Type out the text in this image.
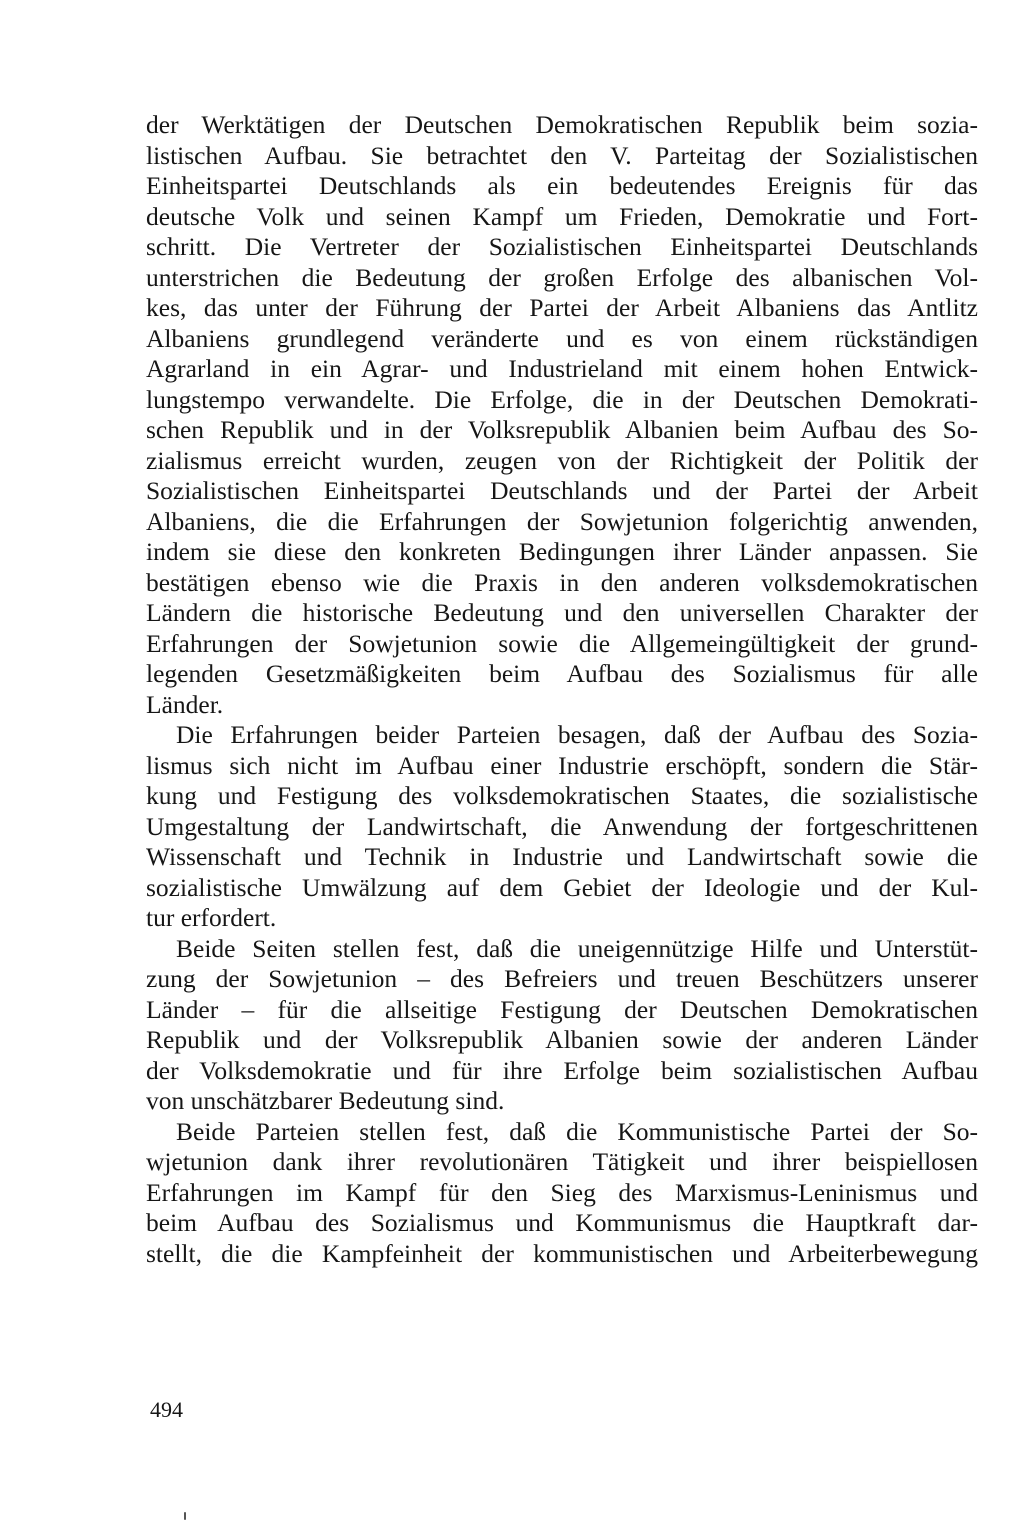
der Werktätigen der Deutschen Demokratischen Republik beim sozia-
listischen Aufbau. Sie betrachtet den V. Parteitag der Sozialistischen
Einheitspartei Deutschlands als ein bedeutendes Ereignis für das
deutsche Volk und seinen Kampf um Frieden, Demokratie und Fort-
schritt. Die Vertreter der Sozialistischen Einheitspartei Deutschlands
unterstrichen die Bedeutung der großen Erfolge des albanischen Vol-
kes, das unter der Führung der Partei der Arbeit Albaniens das Antlitz
Albaniens grundlegend veränderte und es von einem rückständigen
Agrarland in ein Agrar- und Industrieland mit einem hohen Entwick-
lungstempo verwandelte. Die Erfolge, die in der Deutschen Demokrati-
schen Republik und in der Volksrepublik Albanien beim Aufbau des So-
zialismus erreicht wurden, zeugen von der Richtigkeit der Politik der
Sozialistischen Einheitspartei Deutschlands und der Partei der Arbeit
Albaniens, die die Erfahrungen der Sowjetunion folgerichtig anwenden,
indem sie diese den konkreten Bedingungen ihrer Länder anpassen. Sie
bestätigen ebenso wie die Praxis in den anderen volksdemokratischen
Ländern die historische Bedeutung und den universellen Charakter der
Erfahrungen der Sowjetunion sowie die Allgemeingültigkeit der grund-
legenden Gesetzmäßigkeiten beim Aufbau des Sozialismus für alle
Länder.
Die Erfahrungen beider Parteien besagen, daß der Aufbau des Sozia-
lismus sich nicht im Aufbau einer Industrie erschöpft, sondern die Stär-
kung und Festigung des volksdemokratischen Staates, die sozialistische
Umgestaltung der Landwirtschaft, die Anwendung der fortgeschrittenen
Wissenschaft und Technik in Industrie und Landwirtschaft sowie die
sozialistische Umwälzung auf dem Gebiet der Ideologie und der Kul-
tur erfordert.
Beide Seiten stellen fest, daß die uneigennützige Hilfe und Unterstüt-
zung der Sowjetunion – des Befreiers und treuen Beschützers unserer
Länder – für die allseitige Festigung der Deutschen Demokratischen
Republik und der Volksrepublik Albanien sowie der anderen Länder
der Volksdemokratie und für ihre Erfolge beim sozialistischen Aufbau
von unschätzbarer Bedeutung sind.
Beide Parteien stellen fest, daß die Kommunistische Partei der So-
wjetunion dank ihrer revolutionären Tätigkeit und ihrer beispiellosen
Erfahrungen im Kampf für den Sieg des Marxismus-Leninismus und
beim Aufbau des Sozialismus und Kommunismus die Hauptkraft dar-
stellt, die die Kampfeinheit der kommunistischen und Arbeiterbewegung
494
